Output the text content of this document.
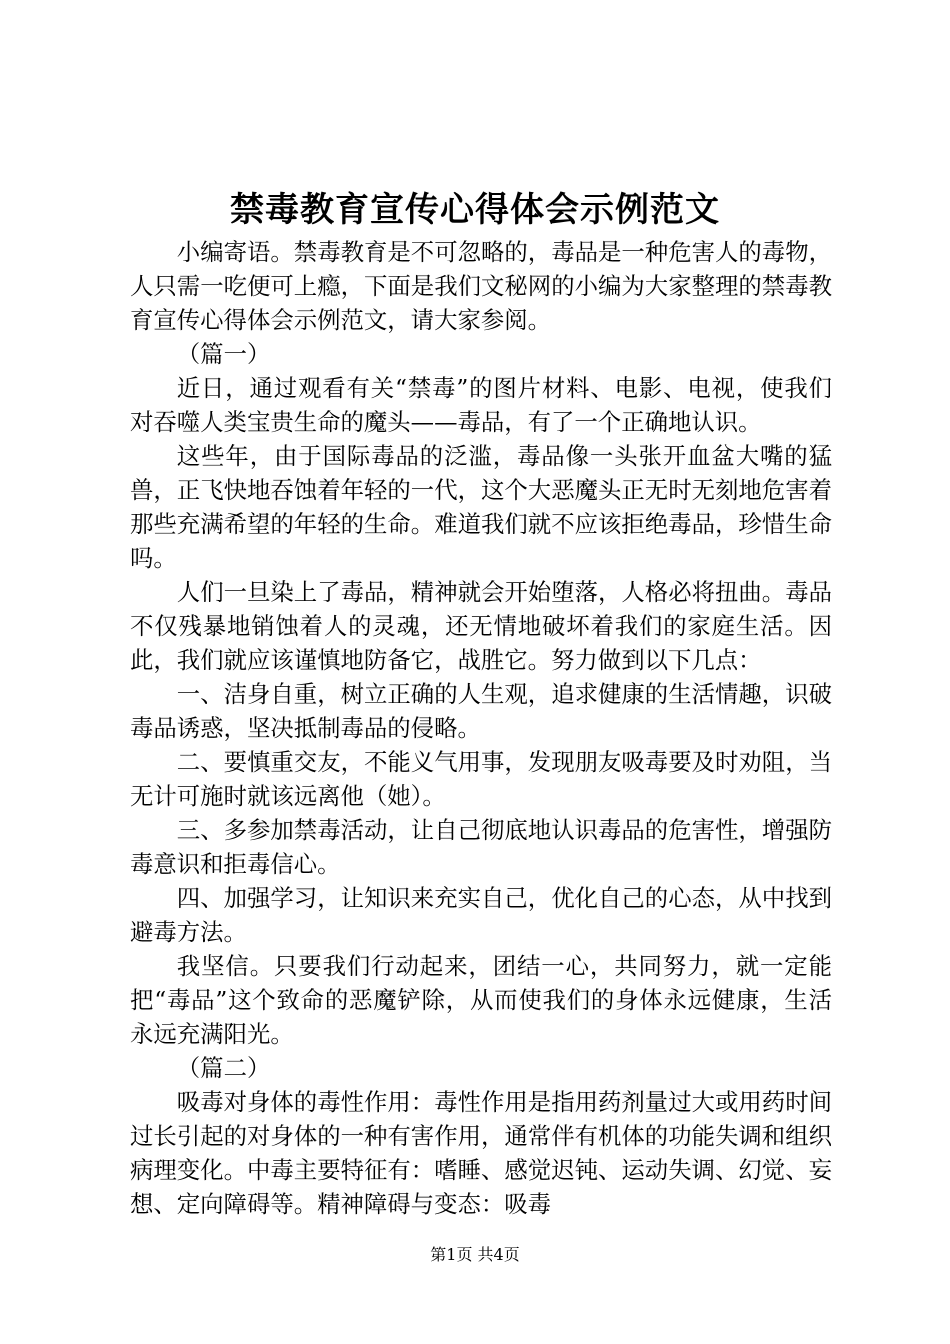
禁毒教育宣传心得体会示例范文

小编寄语。禁毒教育是不可忽略的，毒品是一种危害人的毒物，人只需一吃便可上瘾，下面是我们文秘网的小编为大家整理的禁毒教育宣传心得体会示例范文，请大家参阅。

（篇一）

近日，通过观看有关“禁毒”的图片材料、电影、电视，使我们对吞噬人类宝贵生命的魔头——毒品，有了一个正确地认识。

这些年，由于国际毒品的泛滥，毒品像一头张开血盆大嘴的猛兽，正飞快地吞蚀着年轻的一代，这个大恶魔头正无时无刻地危害着那些充满希望的年轻的生命。难道我们就不应该拒绝毒品，珍惜生命吗。

人们一旦染上了毒品，精神就会开始堕落，人格必将扭曲。毒品不仅残暴地销蚀着人的灵魂，还无情地破坏着我们的家庭生活。因此，我们就应该谨慎地防备它，战胜它。努力做到以下几点：

一、洁身自重，树立正确的人生观，追求健康的生活情趣，识破毒品诱惑，坚决抵制毒品的侵略。

二、要慎重交友，不能义气用事，发现朋友吸毒要及时劝阻，当无计可施时就该远离他（她）。

三、多参加禁毒活动，让自己彻底地认识毒品的危害性，增强防毒意识和拒毒信心。

四、加强学习，让知识来充实自己，优化自己的心态，从中找到避毒方法。

我坚信。只要我们行动起来，团结一心，共同努力，就一定能把“毒品”这个致命的恶魔铲除，从而使我们的身体永远健康，生活永远充满阳光。

（篇二）

吸毒对身体的毒性作用：毒性作用是指用药剂量过大或用药时间过长引起的对身体的一种有害作用，通常伴有机体的功能失调和组织病理变化。中毒主要特征有：嗜睡、感觉迟钝、运动失调、幻觉、妄想、定向障碍等。精神障碍与变态：吸毒

第1页 共4页
